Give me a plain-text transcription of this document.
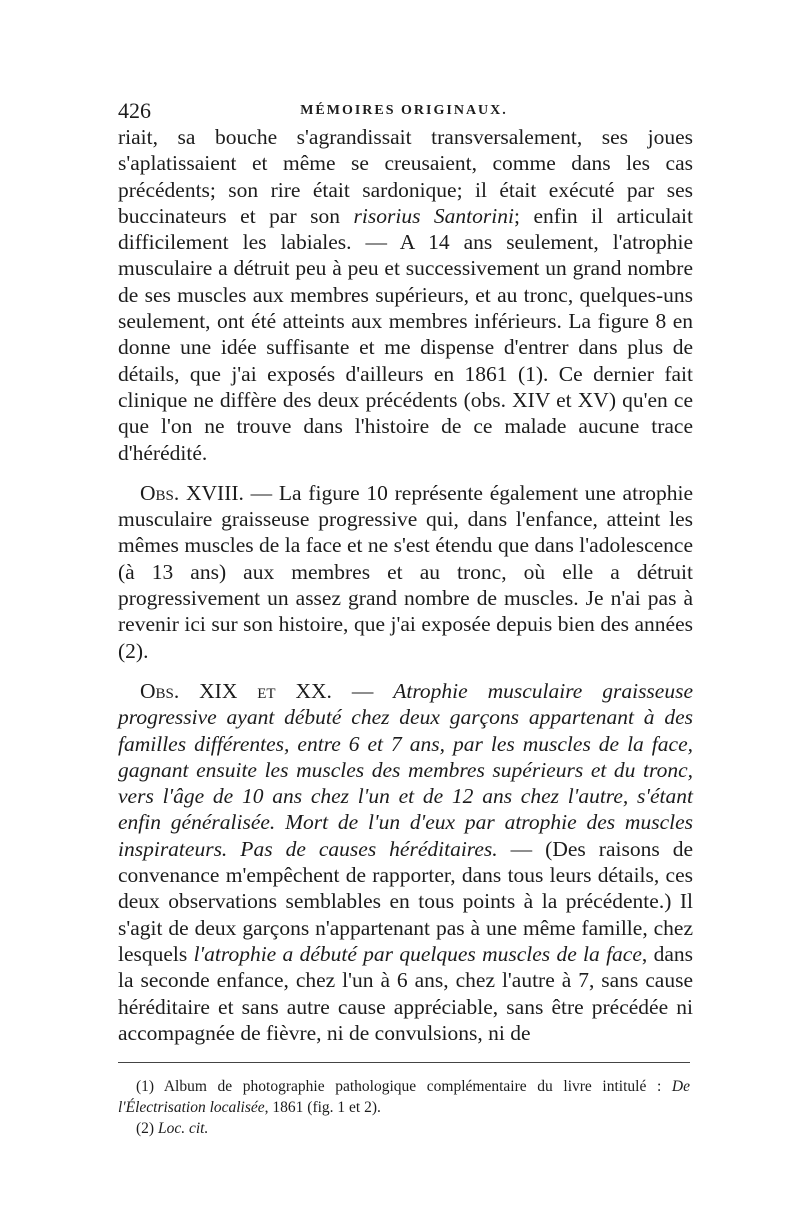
426	MÉMOIRES ORIGINAUX.

riait, sa bouche s'agrandissait transversalement, ses joues s'aplatissaient et même se creusaient, comme dans les cas précédents; son rire était sardonique; il était exécuté par ses buccinateurs et par son risorius Santorini; enfin il articulait difficilement les labiales. — A 14 ans seulement, l'atrophie musculaire a détruit peu à peu et successivement un grand nombre de ses muscles aux membres supérieurs, et au tronc, quelques-uns seulement, ont été atteints aux membres inférieurs. La figure 8 en donne une idée suffisante et me dispense d'entrer dans plus de détails, que j'ai exposés d'ailleurs en 1861 (1). Ce dernier fait clinique ne diffère des deux précédents (obs. XIV et XV) qu'en ce que l'on ne trouve dans l'histoire de ce malade aucune trace d'hérédité.

Obs. XVIII. — La figure 10 représente également une atrophie musculaire graisseuse progressive qui, dans l'enfance, atteint les mêmes muscles de la face et ne s'est étendu que dans l'adolescence (à 13 ans) aux membres et au tronc, où elle a détruit progressivement un assez grand nombre de muscles. Je n'ai pas à revenir ici sur son histoire, que j'ai exposée depuis bien des années (2).

Obs. XIX et XX. — Atrophie musculaire graisseuse progressive ayant débuté chez deux garçons appartenant à des familles différentes, entre 6 et 7 ans, par les muscles de la face, gagnant ensuite les muscles des membres supérieurs et du tronc, vers l'âge de 10 ans chez l'un et de 12 ans chez l'autre, s'étant enfin généralisée. Mort de l'un d'eux par atrophie des muscles inspirateurs. Pas de causes héréditaires. — (Des raisons de convenance m'empêchent de rapporter, dans tous leurs détails, ces deux observations semblables en tous points à la précédente.) Il s'agit de deux garçons n'appartenant pas à une même famille, chez lesquels l'atrophie a débuté par quelques muscles de la face, dans la seconde enfance, chez l'un à 6 ans, chez l'autre à 7, sans cause héréditaire et sans autre cause appréciable, sans être précédée ni accompagnée de fièvre, ni de convulsions, ni de

(1) Album de photographie pathologique complémentaire du livre intitulé : De l'Électrisation localisée, 1861 (fig. 1 et 2).

(2) Loc. cit.
